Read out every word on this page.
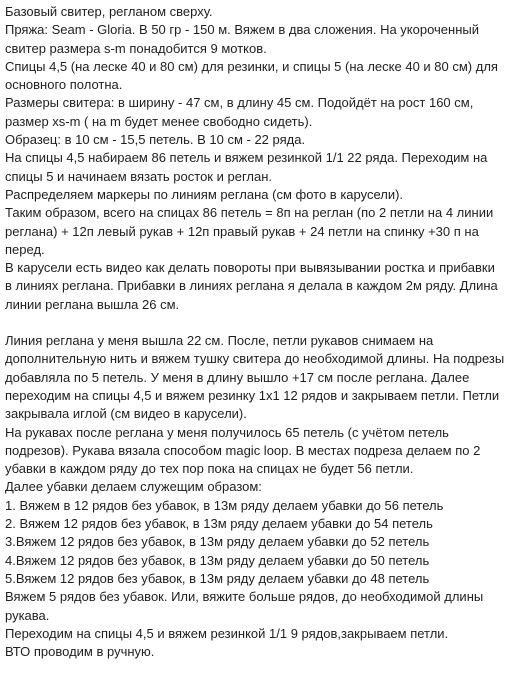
Базовый свитер, регланом сверху.
Пряжа: Seam - Gloria. В 50 гр - 150 м. Вяжем в два сложения. На укороченный
свитер размера s-m понадобится 9 мотков.
Спицы 4,5 (на леске 40 и 80 см) для резинки, и спицы 5 (на леске 40 и 80 см) для
основного полотна.
Размеры свитера: в ширину - 47 см, в длину 45 см. Подойдёт на рост 160 см,
размер xs-m ( на m будет менее свободно сидеть).
Образец: в 10 см - 15,5 петель. В 10 см - 22 ряда.
На спицы 4,5 набираем 86 петель и вяжем резинкой 1/1 22 ряда. Переходим на
спицы 5 и начинаем вязать росток и реглан.
Распределяем маркеры по линиям реглана (см фото в карусели).
Таким образом, всего на спицах 86 петель = 8п на реглан (по 2 петли на 4 линии
реглана) + 12п левый рукав + 12п правый рукав + 24 петли на спинку +30 п на
перед.
В карусели есть видео как делать повороты при вывязывании ростка и прибавки
в линиях реглана. Прибавки в линиях реглана я делала в каждом 2м ряду. Длина
линии реглана вышла 26 см.
Линия реглана у меня вышла 22 см. После, петли рукавов снимаем на
дополнительную нить и вяжем тушку свитера до необходимой длины. На подрезы
добавляла по 5 петель. У меня в длину вышло +17 см после реглана. Далее
переходим на спицы 4,5 и вяжем резинку 1х1 12 рядов и закрываем петли. Петли
закрывала иглой (см видео в карусели).
На рукавах после реглана у меня получилось 65 петель (с учётом петель
подрезов). Рукава вязала способом magic loop. В местах подреза делаем по 2
убавки в каждом ряду до тех пор пока на спицах не будет 56 петли.
Далее убавки делаем служещим образом:
1. Вяжем в 12 рядов без убавок, в 13м ряду делаем убавки до 56 петель
2. Вяжем 12 рядов без убавок, в 13м ряду делаем убавки до 54 петель
3.Вяжем 12 рядов без убавок, в 13м ряду делаем убавки до 52 петель
4.Вяжем 12 рядов без убавок, в 13м ряду делаем убавки до 50 петель
5.Вяжем 12 рядов без убавок, в 13м ряду делаем убавки до 48 петель
Вяжем 5 рядов без убавок. Или, вяжите больше рядов, до необходимой длины
рукава.
Переходим на спицы 4,5 и вяжем резинкой 1/1 9 рядов,закрываем петли.
ВТО проводим в ручную.
